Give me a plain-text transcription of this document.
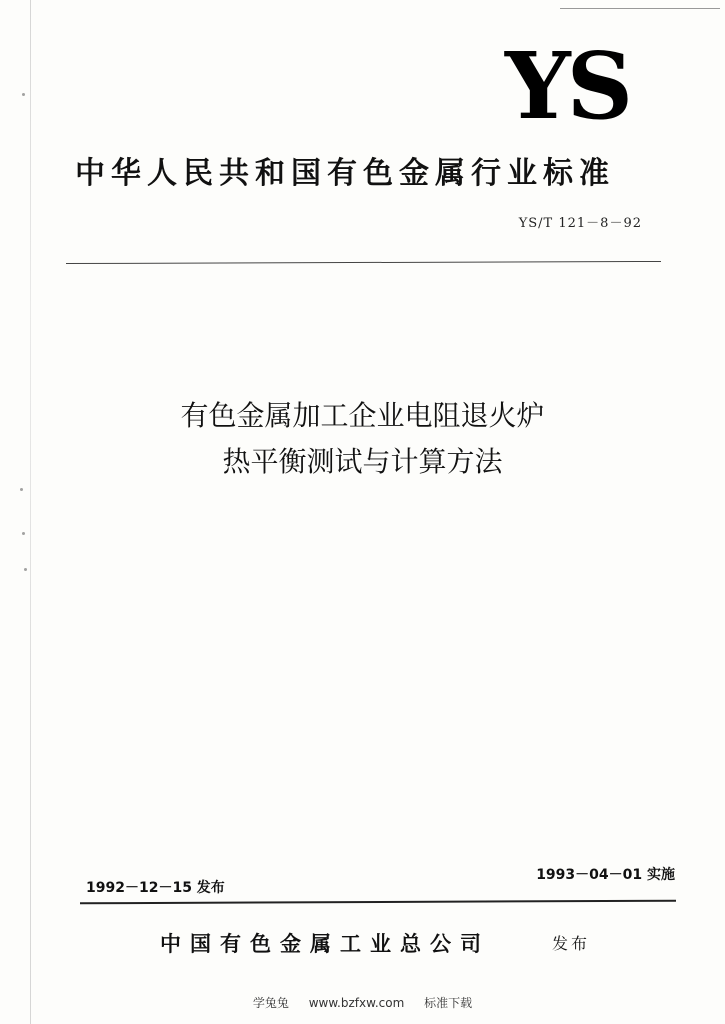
YS
中华人民共和国有色金属行业标准
YS/T 121－8－92
有色金属加工企业电阻退火炉
热平衡测试与计算方法
1992－12－15 发布
1993－04－01 实施
中国有色金属工业总公司	发布
学兔兔 www.bzfxw.com 标准下载
